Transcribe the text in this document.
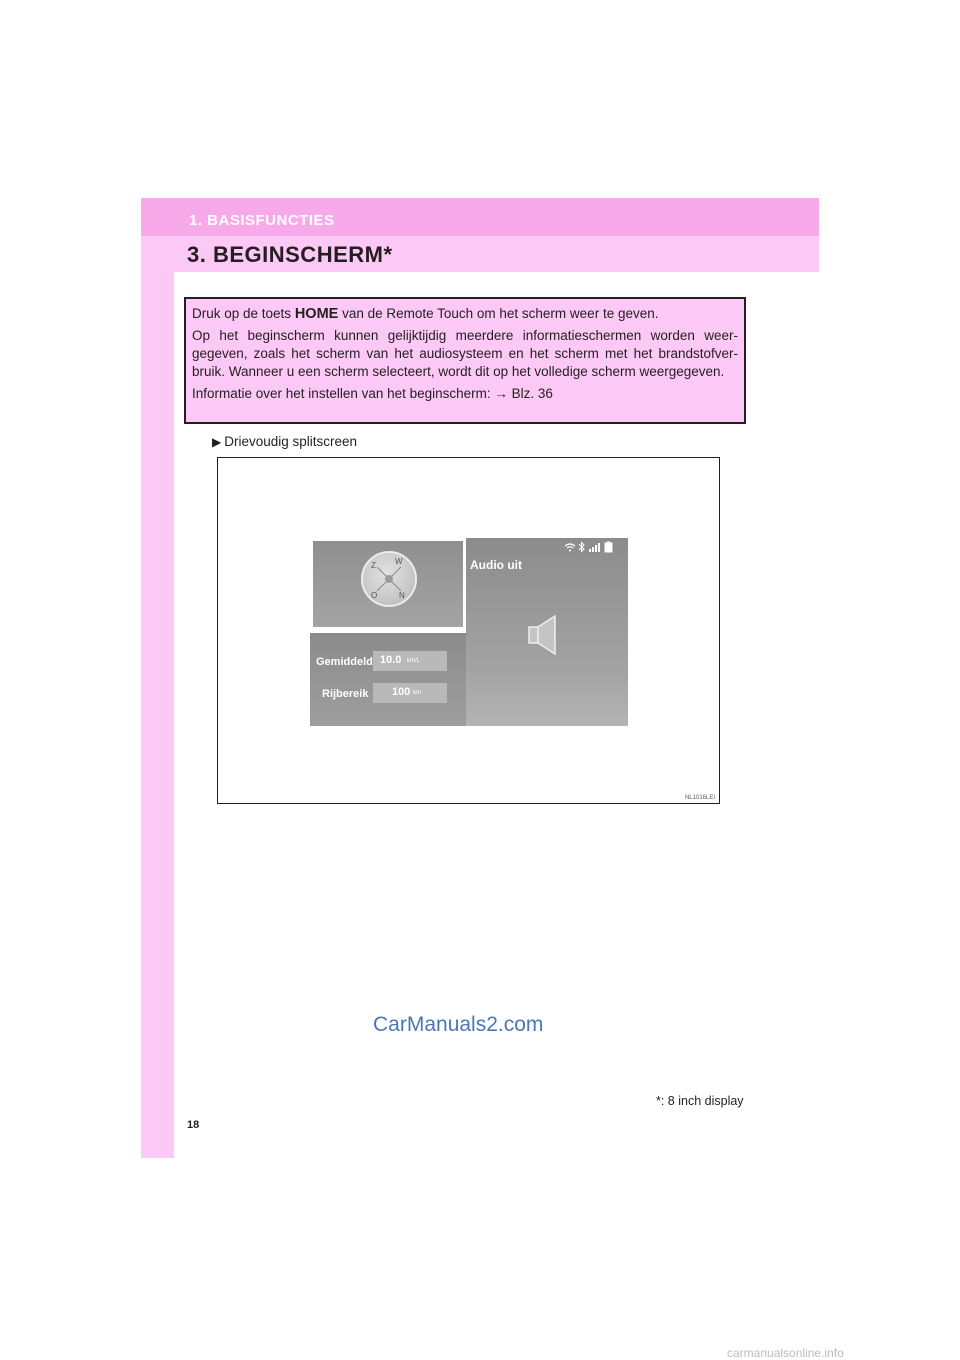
1. BASISFUNCTIES
3. BEGINSCHERM*

Druk op de toets HOME van de Remote Touch om het scherm weer te geven.

Op het beginscherm kunnen gelijktijdig meerdere informatieschermen worden weer-gegeven, zoals het scherm van het audiosysteem en het scherm met het brandstofver-bruik. Wanneer u een scherm selecteert, wordt dit op het volledige scherm weergegeven.

Informatie over het instellen van het beginscherm: → Blz. 36

▶ Drievoudig splitscreen
W
N
O
Z
Gemiddeld 10.0 km/L
Rijbereik 100 km
Audio uit
NL1016LEI
*: 8 inch display
18
CarManuals2.com
carmanualsonline.info
